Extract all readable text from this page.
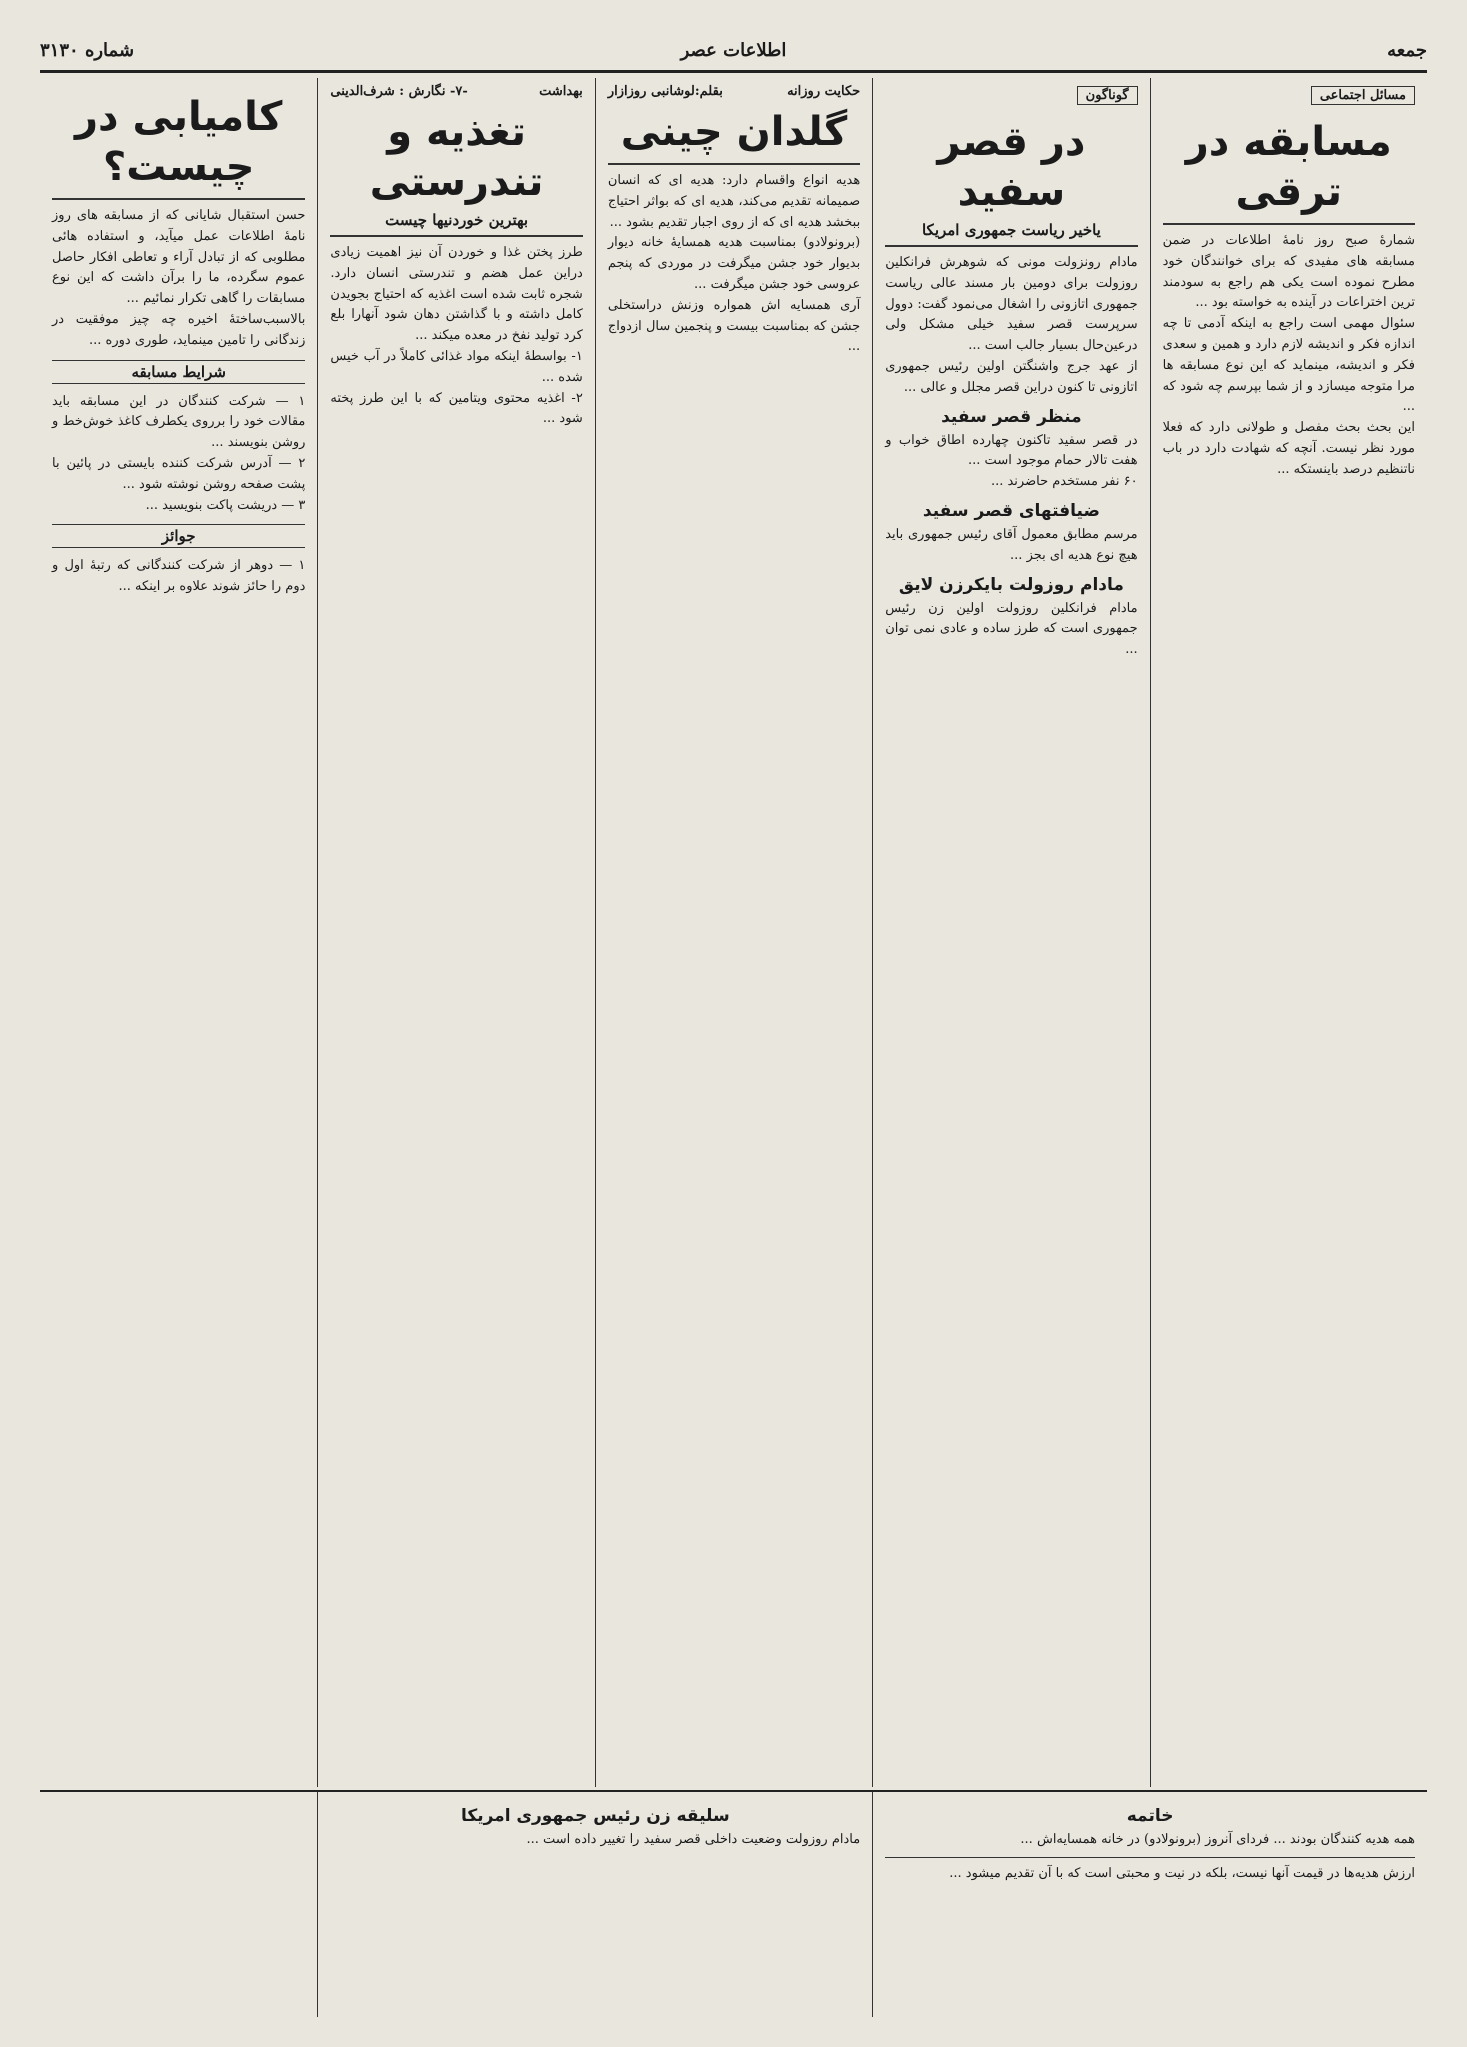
جمعه
اطلاعات عصر
شماره ۳۱۳۰
مسائل اجتماعی
مسابقه در ترقی
شمارهٔ صبح روز نامهٔ اطلاعات در ضمن مسابقه های مفیدی که برای خوانندگان خود مطرح نموده است یکی هم راجع به سودمند ترین اختراعات در آینده به خواسته بود ...
سئوال مهمی است راجع به اینکه آدمی تا چه اندازه فکر و اندیشه لازم دارد و همین و سعدی فکر و اندیشه، مینماید که این نوع مسابقه ها مرا متوجه میسازد و از شما بپرسم چه شود که ...
این بحث بحث مفصل و طولانی دارد که فعلا مورد نظر نیست. آنچه که شهادت دارد در باب ناتنظیم درصد باینستکه ...
گوناگون
در قصر سفید
یاخیر ریاست جمهوری امریکا
مادام رونزولت مونی که شوهرش فرانکلین روزولت برای دومین بار مسند عالی ریاست جمهوری اتازونی را اشغال می‌نمود گفت: دوول سرپرست قصر سفید خیلی مشکل ولی درعین‌حال بسیار جالب است ...
از عهد جرج واشنگتن اولین رئیس جمهوری اتازونی تا کنون دراین قصر مجلل و عالی ...
منظر قصر سفید
در قصر سفید تاکنون چهارده اطاق خواب و هفت تالار حمام موجود است ...
۶۰ نفر مستخدم حاضرند ...
ضیافتهای قصر سفید
مرسم مطابق معمول آقای رئیس جمهوری باید هیچ نوع هدیه ای بجز ...
مادام روزولت بایکرزن لایق
مادام فرانکلین روزولت اولین زن رئیس جمهوری است که طرز ساده و عادی نمی توان ...
حکایت روزانه
بقلم:لوشانبی روزازار
گلدان چینی
هدیه انواع واقسام دارد: هدیه ای که انسان صمیمانه تقدیم می‌کند، هدیه ای که بواثر احتیاج ببخشد هدیه ای که از روی اجبار تقدیم بشود ...
(برونولادو) بمناسبت هدیه همسایهٔ خانه دیوار بدیوار خود جشن میگرفت در موردی که پنجم عروسی خود جشن میگرفت ...
آری همسایه اش همواره وزنش دراستخلی جشن که بمناسبت بیست و پنجمین سال ازدواج ...
بهداشت
-۷- نگارش : شرف‌الدینی
تغذیه و تندرستی
بهترین خوردنیها چیست
طرز پختن غذا و خوردن آن نیز اهمیت زیادی دراین عمل هضم و تندرستی انسان دارد. شجره ثابت شده است اغذیه که احتیاج بجویدن کامل داشته و با گذاشتن دهان شود آنهارا بلع کرد تولید نفخ در معده میکند ...
۱- بواسطهٔ اینکه مواد غذائی کاملاً در آب خیس شده ...
۲- اغذیه محتوی ویتامین که با این طرز پخته شود ...
کامیابی در چیست؟
حسن استقبال شایانی که از مسابقه های روز نامهٔ اطلاعات عمل میآید، و استفاده هائی مطلوبی که از تبادل آراء و تعاطی افکار حاصل عموم سگرده، ما را برآن داشت که این نوع مسابقات را گاهی تکرار نمائیم ...
بالاسبب‌ساختهٔ اخیره چه چیز موفقیت در زندگانی را تامین مینماید، طوری دوره ...
شرایط مسابقه
۱ — شرکت کنندگان در این مسابقه باید مقالات خود را برروی یکطرف کاغذ خوش‌خط و روشن بنویسند ...
۲ — آدرس شرکت کننده بایستی در پائین با پشت صفحه روشن نوشته شود ...
۳ — دریشت پاکت بنویسید ...
جوائز
۱ — دوهر از شرکت کنندگانی که رتبهٔ اول و دوم را حائز شوند علاوه بر اینکه ...
خاتمه
همه هدیه کنندگان بودند ... فردای آنروز (برونولادو) در خانه همسایه‌اش ...
ارزش هدیه‌ها در قیمت آنها نیست، بلکه در نیت و محبتی است که با آن تقدیم میشود ...
سلیقه زن رئیس جمهوری امریکا
مادام روزولت وضعیت داخلی قصر سفید را تغییر داده است ...
